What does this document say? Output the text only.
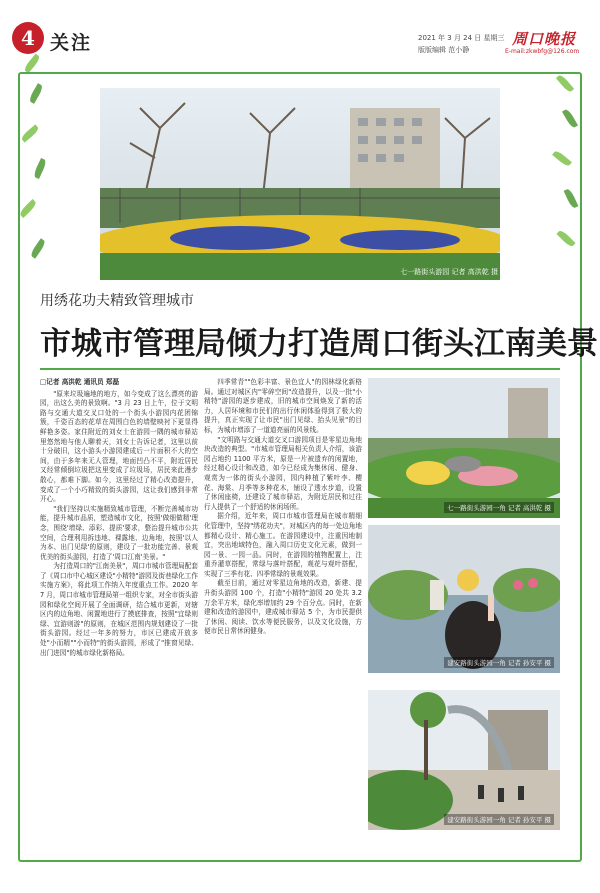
4 关注	2021 年 3 月 24 日 星期三
版版编辑 范小静
周口晚报
E-mail:zkwbfg@126.com
七一路街头游园 记者 高洪乾 摄
用绣花功夫精致管理城市
市城市管理局倾力打造周口街头江南美景

□记者 高洪乾 通讯员 郑磊

"原来垃圾遍地的地方，如今变成了这么漂亮的游园，出这么美的景致啊。"3 月 23 日上午，位于文明路与交通大道交叉口处的一个街头小游园内花团锦簇，千姿百态的花草在周围白色的墙壁映衬下更显得鲜艳多姿。家住附近的刘女士在游园一隅的城市驿站里悠然地与他人聊着天，刘女士告诉记者，这里以前十分破旧，这小游头小游园建成后一片面积不大的空间，由于多年来无人管理，地面凹凸不平，附近居民又经常倾倒垃圾把这里变成了垃圾场，居民来此漫步散心，都难下脚。如今，这里经过了精心改造提升，变成了一个小巧精致的街头游园，这让我们感到非常开心。

"我们坚持以实施精致城市管理，不断完善城市功能，提升城市品质，塑造城市文化，按照'做细做精'理念，围绕'增绿、添彩、提质'要求，整治提升城市公共空间，合理利用拆违地、裸露地、边角地，按照'以人为本、出门见绿'的原则，建设了一批功能完善、景观优美的街头游园，打造了'周口江南'美景。"

为打造周口的"江南美景"，周口市城市管理局配套了《周口市中心城区建设"小精特"游园及街巷绿化工作实施方案》，将此项工作纳入年度重点工作。2020 年 7 月，周口市城市管理局第一组织专家，对全市街头游园和绿化空间开展了全面调研，结合城市更新，对辖区内的边角地、闲置地进行了摸底排查，按照"宜绿则绿、宜游则游"的原则，在城区范围内规划建设了一批街头游园。经过一年多的努力，市区已建成开放多处"小而精""小而特"的街头游园，形成了"推窗见绿、出门进园"的城市绿化新格局。

四季常青""色彩丰富、景色宜人"的园林绿化新格局。通过对城区内"零碎空间"改造提升，以及一批"小精特"游园的逐步建成，旧的城市空间焕发了新的活力，人居环境和市民们的出行休闲体验得到了极大的提升，真正实现了让市民"出门见绿、抬头见景"的目标，为城市增添了一道道亮丽的风景线。

"文明路与交通大道交叉口游园项目是零星边角地块改造的典型。"市城市管理局相关负责人介绍，该游园占地约 1100 平方米，原是一片被遗弃的闲置地，经过精心设计和改造，如今已经成为集休闲、健身、观赏为一体的街头小游园，园内种植了紫叶李、樱花、海棠、月季等多种花木，铺设了透水步道，设置了休闲座椅，还建设了城市驿站，为附近居民和过往行人提供了一个舒适的休闲场所。

据介绍，近年来，周口市城市管理局在城市精细化管理中，坚持"绣花功夫"，对城区内的每一处边角地都精心设计、精心施工。在游园建设中，注重因地制宜，突出地域特色，融入周口历史文化元素，做到一园一景、一园一品。同时，在游园的植物配置上，注重乔灌草搭配，常绿与落叶搭配，观花与观叶搭配，实现了三季有花、四季常绿的景观效果。

截至目前，通过对零星边角地的改造，新建、提升街头游园 100 个，打造"小精特"游园 20 处共 3.2 万余平方米，绿化率增加约 29 个百分点。同时，在新建和改造的游园中，建成城市驿站 5 个，为市民提供了休闲、阅读、饮水等便民服务，以及文化设施，方便市民日常休闲健身。

七一路街头游园一角 记者 高洪乾 摄
建安路街头游园一角 记者 孙安平 摄
建安路街头游园一角 记者 孙安平 摄
